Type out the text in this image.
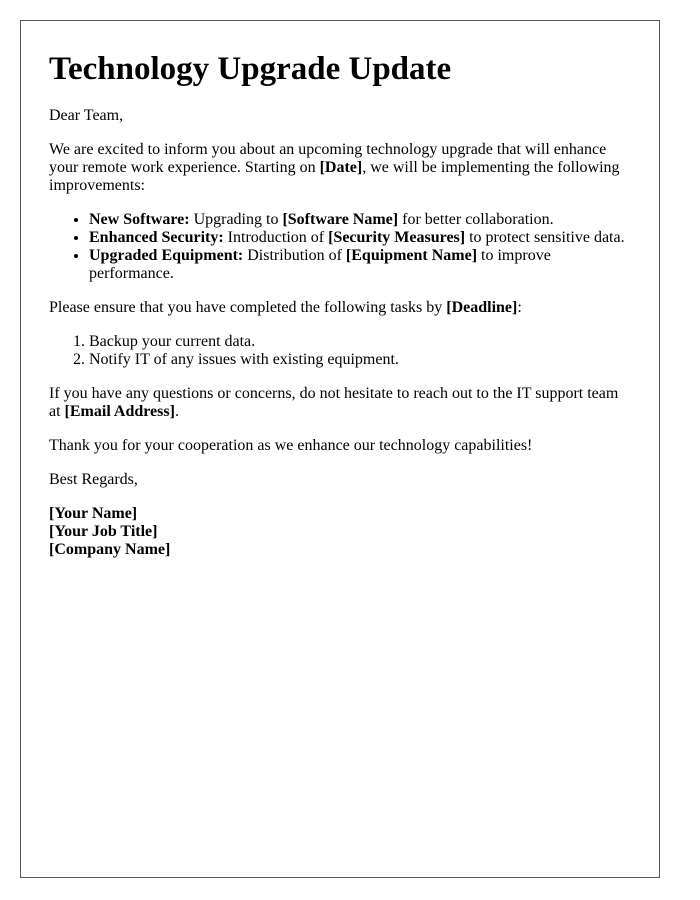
Technology Upgrade Update

Dear Team,

We are excited to inform you about an upcoming technology upgrade that will enhance your remote work experience. Starting on [Date], we will be implementing the following improvements:

• New Software: Upgrading to [Software Name] for better collaboration.
• Enhanced Security: Introduction of [Security Measures] to protect sensitive data.
• Upgraded Equipment: Distribution of [Equipment Name] to improve performance.

Please ensure that you have completed the following tasks by [Deadline]:

1. Backup your current data.
2. Notify IT of any issues with existing equipment.

If you have any questions or concerns, do not hesitate to reach out to the IT support team at [Email Address].

Thank you for your cooperation as we enhance our technology capabilities!

Best Regards,

[Your Name]
[Your Job Title]
[Company Name]
